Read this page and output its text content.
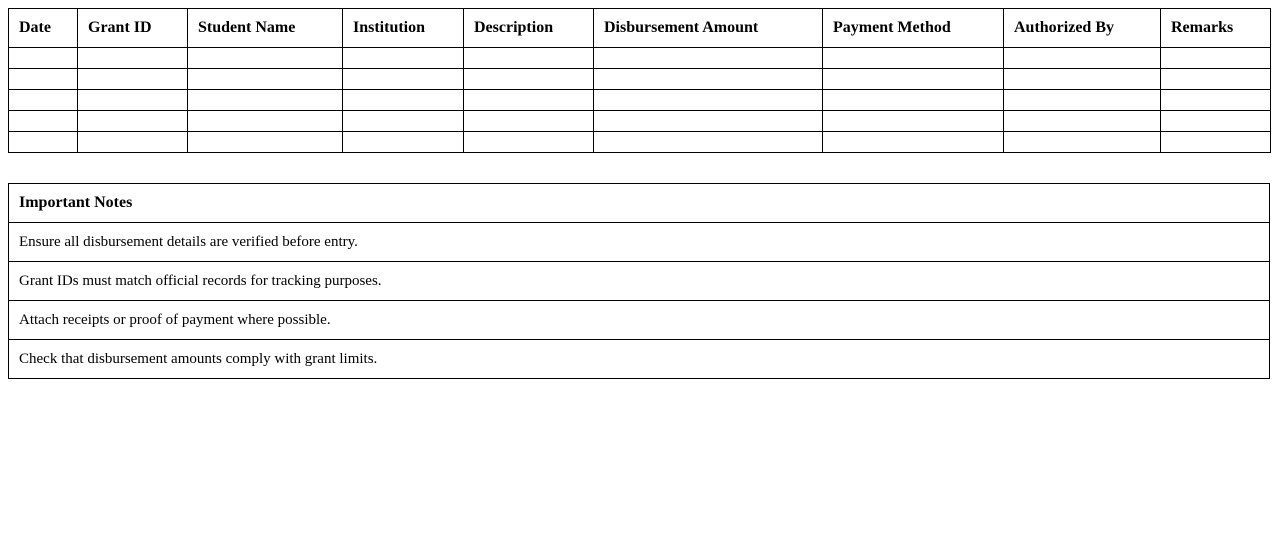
Date	Grant ID	Student Name	Institution	Description	Disbursement Amount	Payment Method	Authorized By	Remarks

Important Notes
Ensure all disbursement details are verified before entry.
Grant IDs must match official records for tracking purposes.
Attach receipts or proof of payment where possible.
Check that disbursement amounts comply with grant limits.
